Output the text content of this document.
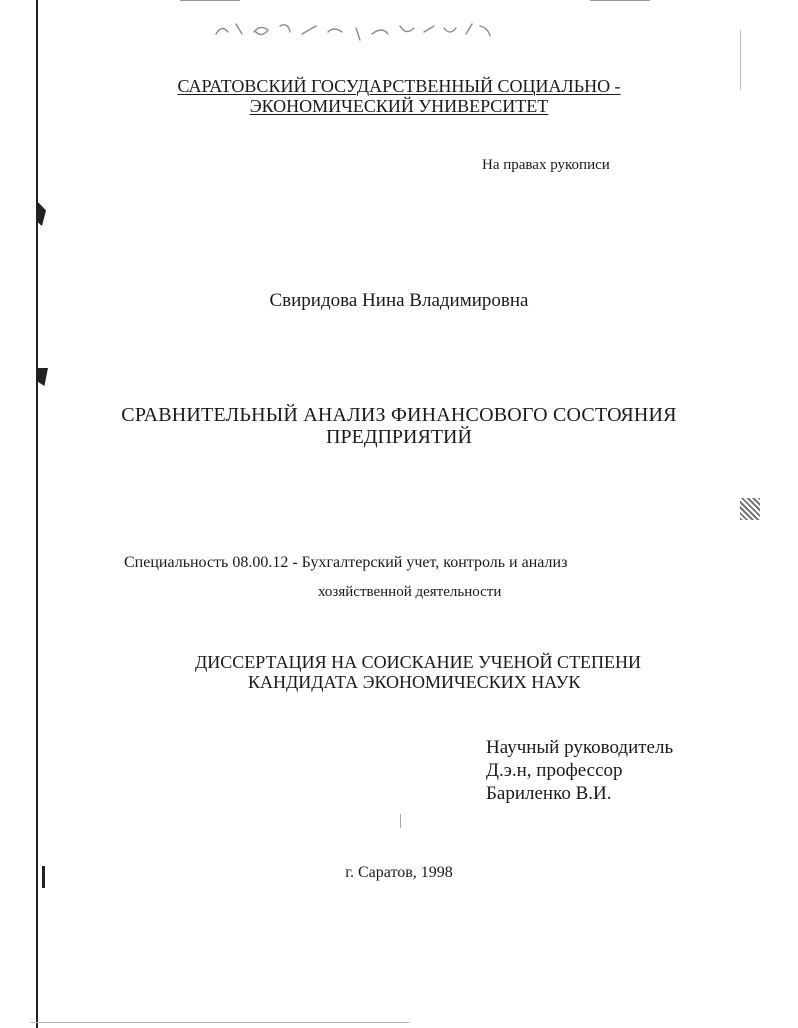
САРАТОВСКИЙ ГОСУДАРСТВЕННЫЙ СОЦИАЛЬНО -
ЭКОНОМИЧЕСКИЙ УНИВЕРСИТЕТ
На правах рукописи
Свиридова Нина Владимировна
СРАВНИТЕЛЬНЫЙ АНАЛИЗ ФИНАНСОВОГО СОСТОЯНИЯ
ПРЕДПРИЯТИЙ
Специальность 08.00.12 - Бухгалтерский учет, контроль и анализ
хозяйственной деятельности
ДИССЕРТАЦИЯ НА СОИСКАНИЕ УЧЕНОЙ СТЕПЕНИ
КАНДИДАТА ЭКОНОМИЧЕСКИХ НАУК
Научный руководитель
Д.э.н, профессор
Бариленко В.И.
г. Саратов, 1998
